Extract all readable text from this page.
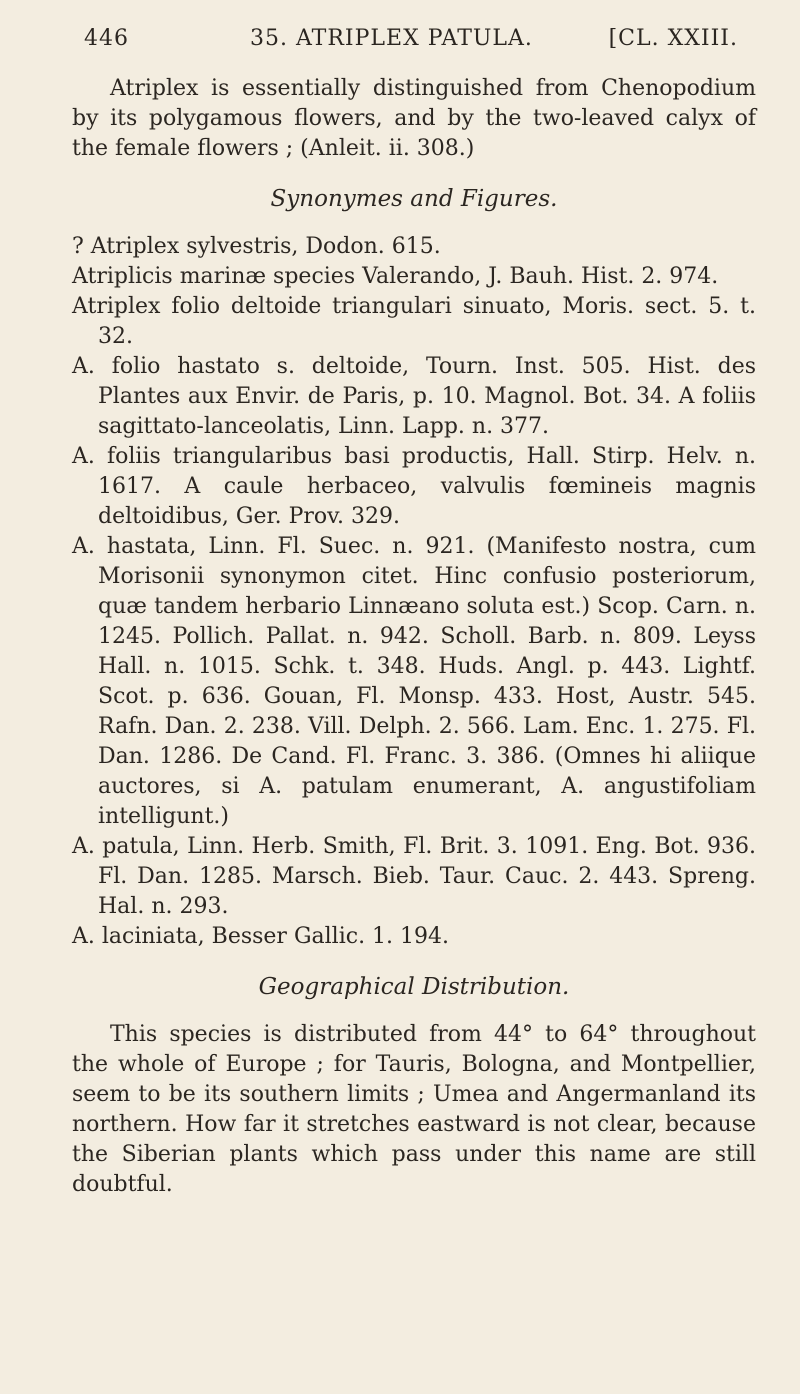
446	35. ATRIPLEX PATULA.	[CL. XXIII.

Atriplex is essentially distinguished from Chenopodium by its polygamous flowers, and by the two-leaved calyx of the female flowers ; (Anleit. ii. 308.)

Synonymes and Figures.

? Atriplex sylvestris, Dodon. 615.

Atriplicis marinæ species Valerando, J. Bauh. Hist. 2. 974.

Atriplex folio deltoide triangulari sinuato, Moris. sect. 5. t. 32.

A. folio hastato s. deltoide, Tourn. Inst. 505. Hist. des Plantes aux Envir. de Paris, p. 10. Magnol. Bot. 34. A foliis sagittato-lanceolatis, Linn. Lapp. n. 377.

A. foliis triangularibus basi productis, Hall. Stirp. Helv. n. 1617. A caule herbaceo, valvulis fœmineis magnis deltoidibus, Ger. Prov. 329.

A. hastata, Linn. Fl. Suec. n. 921. (Manifesto nostra, cum Morisonii synonymon citet. Hinc confusio posteriorum, quæ tandem herbario Linnæano soluta est.) Scop. Carn. n. 1245. Pollich. Pallat. n. 942. Scholl. Barb. n. 809. Leyss Hall. n. 1015. Schk. t. 348. Huds. Angl. p. 443. Lightf. Scot. p. 636. Gouan, Fl. Monsp. 433. Host, Austr. 545. Rafn. Dan. 2. 238. Vill. Delph. 2. 566. Lam. Enc. 1. 275. Fl. Dan. 1286. De Cand. Fl. Franc. 3. 386. (Omnes hi aliique auctores, si A. patulam enumerant, A. angustifoliam intelligunt.)

A. patula, Linn. Herb. Smith, Fl. Brit. 3. 1091. Eng. Bot. 936. Fl. Dan. 1285. Marsch. Bieb. Taur. Cauc. 2. 443. Spreng. Hal. n. 293.

A. laciniata, Besser Gallic. 1. 194.

Geographical Distribution.

This species is distributed from 44° to 64° throughout the whole of Europe ; for Tauris, Bologna, and Montpellier, seem to be its southern limits ; Umea and Angermanland its northern. How far it stretches eastward is not clear, because the Siberian plants which pass under this name are still doubtful.
